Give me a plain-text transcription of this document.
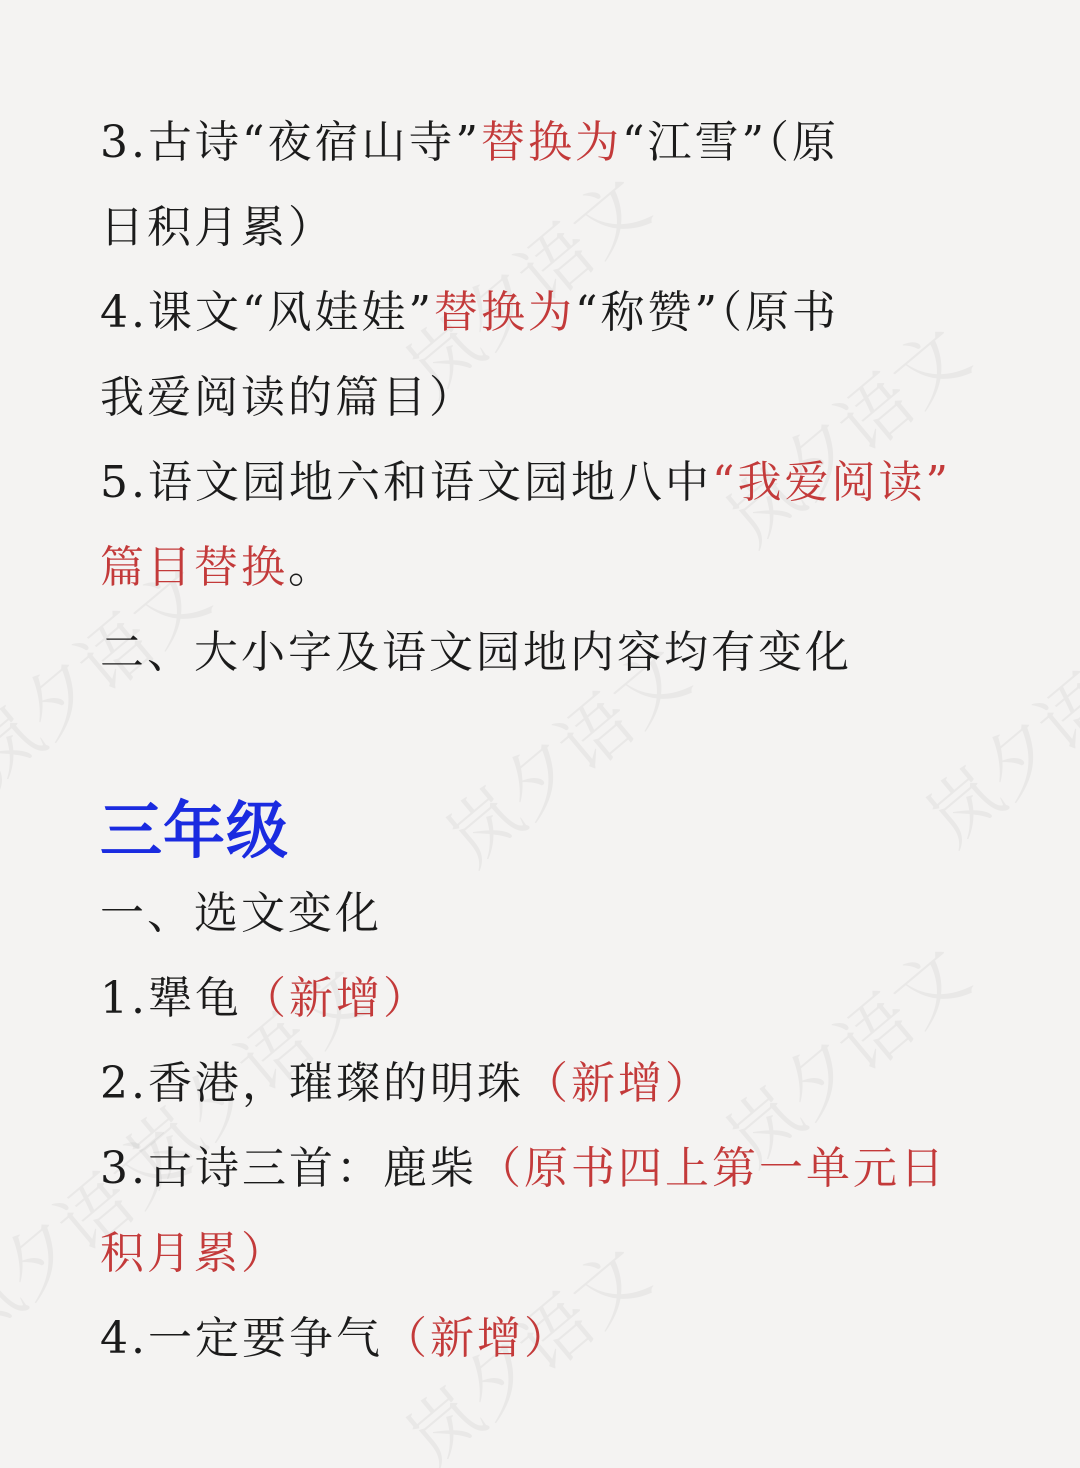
3.古诗“夜宿山寺”替换为“江雪”（原

日积月累）

4.课文“风娃娃”替换为“称赞”（原书

我爱阅读的篇目）

5.语文园地六和语文园地八中“我爱阅读”

篇目替换。

二、大小字及语文园地内容均有变化

三年级

一、选文变化

1.犟龟（新增）

2.香港，璀璨的明珠（新增）

3.古诗三首：鹿柴（原书四上第一单元日

积月累）

4.一定要争气（新增）
